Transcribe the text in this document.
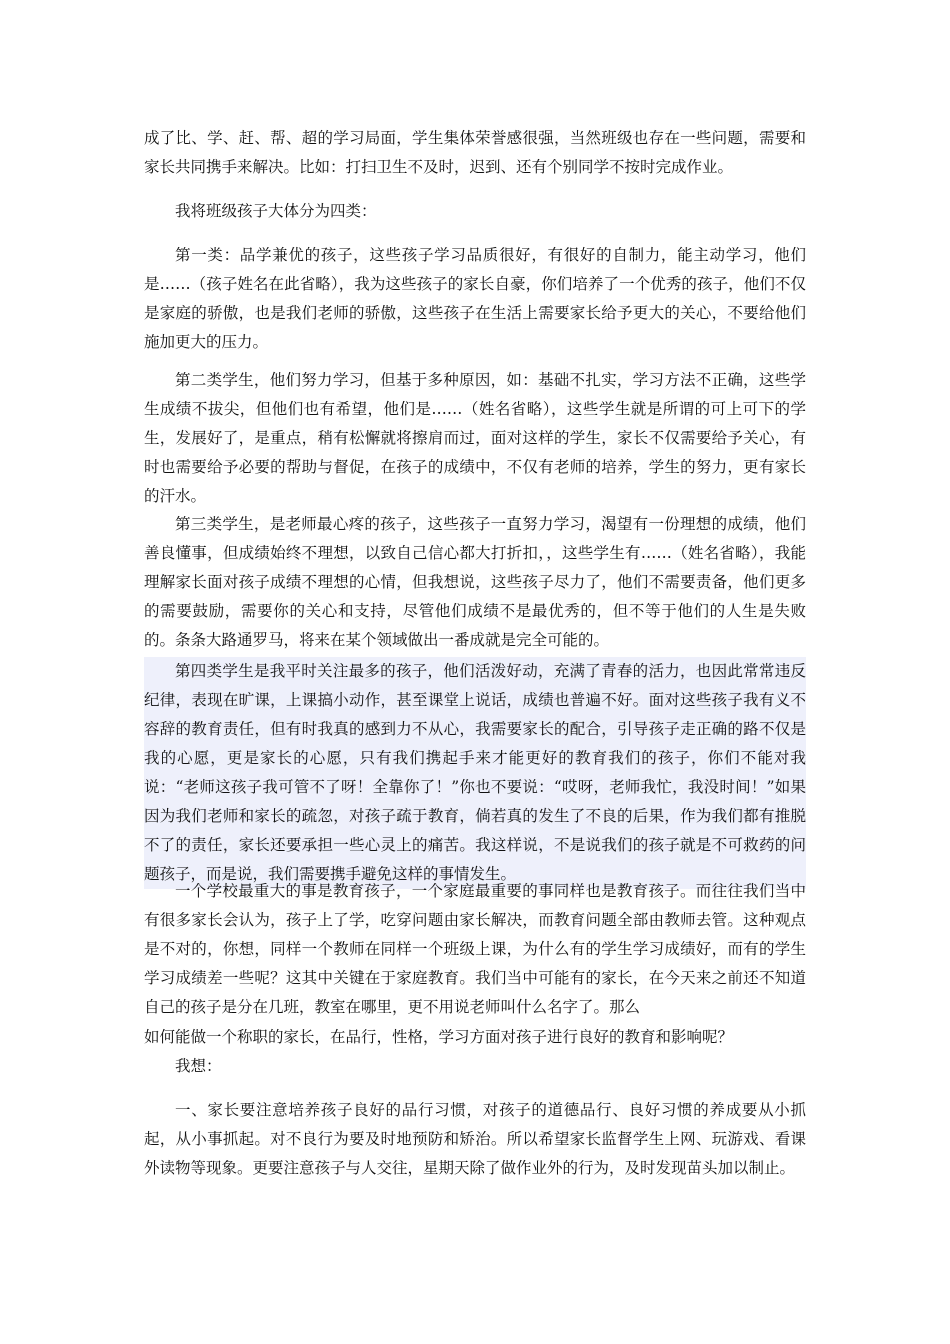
成了比、学、赶、帮、超的学习局面，学生集体荣誉感很强，当然班级也存在一些问题，需要和家长共同携手来解决。比如：打扫卫生不及时，迟到、还有个别同学不按时完成作业。

我将班级孩子大体分为四类：

第一类：品学兼优的孩子，这些孩子学习品质很好，有很好的自制力，能主动学习，他们是……（孩子姓名在此省略），我为这些孩子的家长自豪，你们培养了一个优秀的孩子，他们不仅是家庭的骄傲，也是我们老师的骄傲，这些孩子在生活上需要家长给予更大的关心，不要给他们施加更大的压力。

第二类学生，他们努力学习，但基于多种原因，如：基础不扎实，学习方法不正确，这些学生成绩不拔尖，但他们也有希望，他们是……（姓名省略），这些学生就是所谓的可上可下的学生，发展好了，是重点，稍有松懈就将擦肩而过，面对这样的学生，家长不仅需要给予关心，有时也需要给予必要的帮助与督促，在孩子的成绩中，不仅有老师的培养，学生的努力，更有家长的汗水。

第三类学生，是老师最心疼的孩子，这些孩子一直努力学习，渴望有一份理想的成绩，他们善良懂事，但成绩始终不理想，以致自己信心都大打折扣，，这些学生有……（姓名省略），我能理解家长面对孩子成绩不理想的心情，但我想说，这些孩子尽力了，他们不需要责备，他们更多的需要鼓励，需要你的关心和支持，尽管他们成绩不是最优秀的，但不等于他们的人生是失败的。条条大路通罗马，将来在某个领域做出一番成就是完全可能的。

第四类学生是我平时关注最多的孩子，他们活泼好动，充满了青春的活力，也因此常常违反纪律，表现在旷课，上课搞小动作，甚至课堂上说话，成绩也普遍不好。面对这些孩子我有义不容辞的教育责任，但有时我真的感到力不从心，我需要家长的配合，引导孩子走正确的路不仅是我的心愿，更是家长的心愿，只有我们携起手来才能更好的教育我们的孩子，你们不能对我说：“老师这孩子我可管不了呀！全靠你了！”你也不要说：“哎呀，老师我忙，我没时间！”如果因为我们老师和家长的疏忽，对孩子疏于教育，倘若真的发生了不良的后果，作为我们都有推脱不了的责任，家长还要承担一些心灵上的痛苦。我这样说，不是说我们的孩子就是不可救药的问题孩子，而是说，我们需要携手避免这样的事情发生。

一个学校最重大的事是教育孩子，一个家庭最重要的事同样也是教育孩子。而往往我们当中有很多家长会认为，孩子上了学，吃穿问题由家长解决，而教育问题全部由教师去管。这种观点是不对的，你想，同样一个教师在同样一个班级上课，为什么有的学生学习成绩好，而有的学生学习成绩差一些呢？这其中关键在于家庭教育。我们当中可能有的家长，在今天来之前还不知道自己的孩子是分在几班，教室在哪里，更不用说老师叫什么名字了。那么

如何能做一个称职的家长，在品行，性格，学习方面对孩子进行良好的教育和影响呢？

我想：

一、家长要注意培养孩子良好的品行习惯，对孩子的道德品行、良好习惯的养成要从小抓起，从小事抓起。对不良行为要及时地预防和矫治。所以希望家长监督学生上网、玩游戏、看课外读物等现象。更要注意孩子与人交往，星期天除了做作业外的行为，及时发现苗头加以制止。
